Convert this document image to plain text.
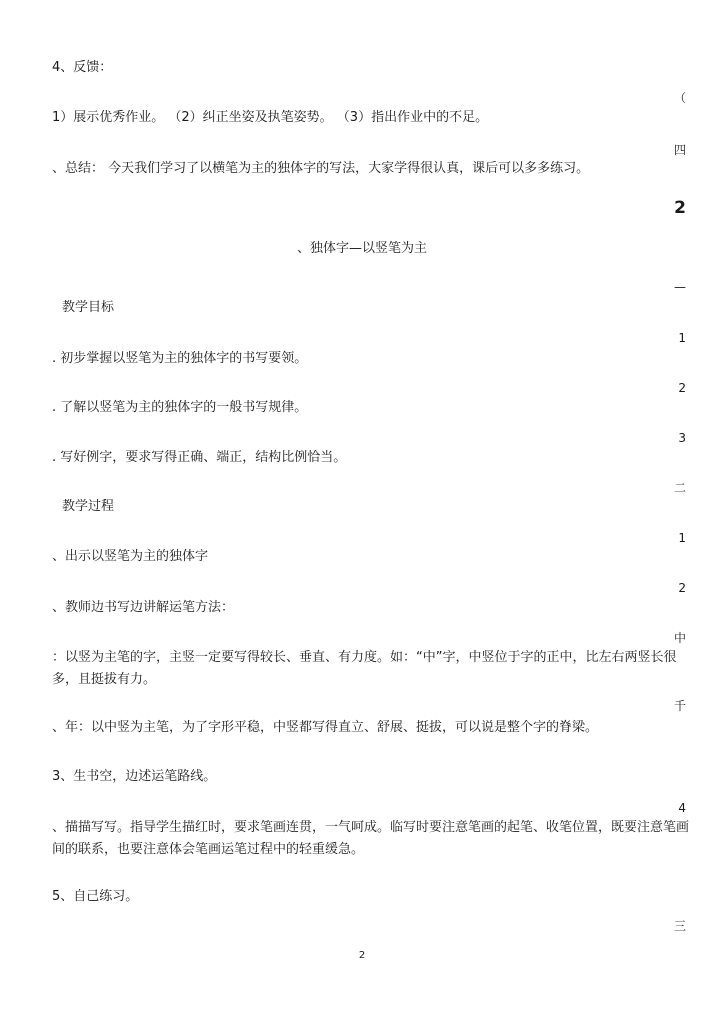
4、反馈：
1）展示优秀作业。 （2）纠正坐姿及执笔姿势。 （3）指出作业中的不足。
、总结： 今天我们学习了以横笔为主的独体字的写法，大家学得很认真，课后可以多多练习。
、独体字—以竖笔为主
教学目标
. 初步掌握以竖笔为主的独体字的书写要领。
. 了解以竖笔为主的独体字的一般书写规律。
. 写好例字，要求写得正确、端正，结构比例恰当。
教学过程
、出示以竖笔为主的独体字
、教师边书写边讲解运笔方法：
：以竖为主笔的字，主竖一定要写得较长、垂直、有力度。如：“中”字，中竖位于字的正中，比左右两竖长很多，且挺拔有力。
、年：以中竖为主笔，为了字形平稳，中竖都写得直立、舒展、挺拔，可以说是整个字的脊梁。
3、生书空，边述运笔路线。
、描描写写。指导学生描红时，要求笔画连贯，一气呵成。临写时要注意笔画的起笔、收笔位置，既要注意笔画间的联系，也要注意体会笔画运笔过程中的轻重缓急。
5、自己练习。
（
四
2
—
1
2
3
二
1
2
中
千
4
三
2
